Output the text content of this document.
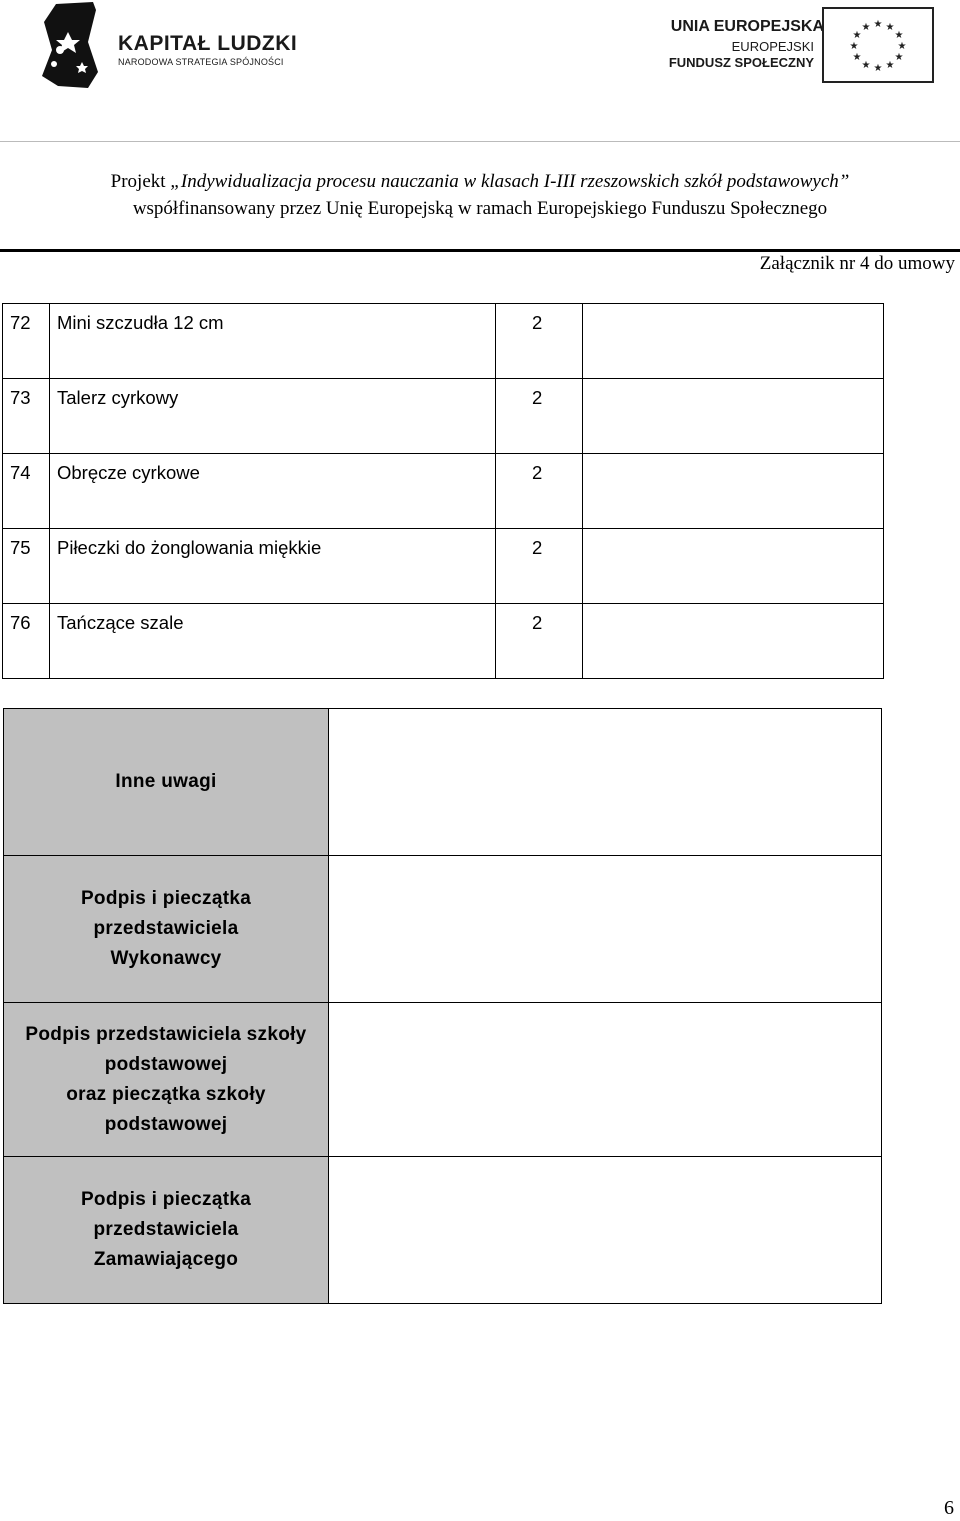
KAPITAŁ LUDZKI
NARODOWA STRATEGIA SPÓJNOŚCI
UNIA EUROPEJSKA
EUROPEJSKI
FUNDUSZ SPOŁECZNY
★ ★
★
★
★
★
★
★
★
★
★
★
Projekt „Indywidualizacja procesu nauczania w klasach I-III rzeszowskich szkół podstawowych”
współfinansowany przez Unię Europejską w ramach Europejskiego Funduszu Społecznego
Załącznik nr 4 do umowy
72	Mini szczudła 12 cm	2	

73	Talerz cyrkowy	2	

74	Obręcze cyrkowe	2	

75	Piłeczki do żonglowania miękkie	2	

76	Tańczące szale	2	

Inne uwagi	

Podpis i pieczątka
przedstawiciela
Wykonawcy	

Podpis przedstawiciela szkoły
podstawowej
oraz pieczątka szkoły
podstawowej	

Podpis i pieczątka
przedstawiciela
Zamawiającego	

6
